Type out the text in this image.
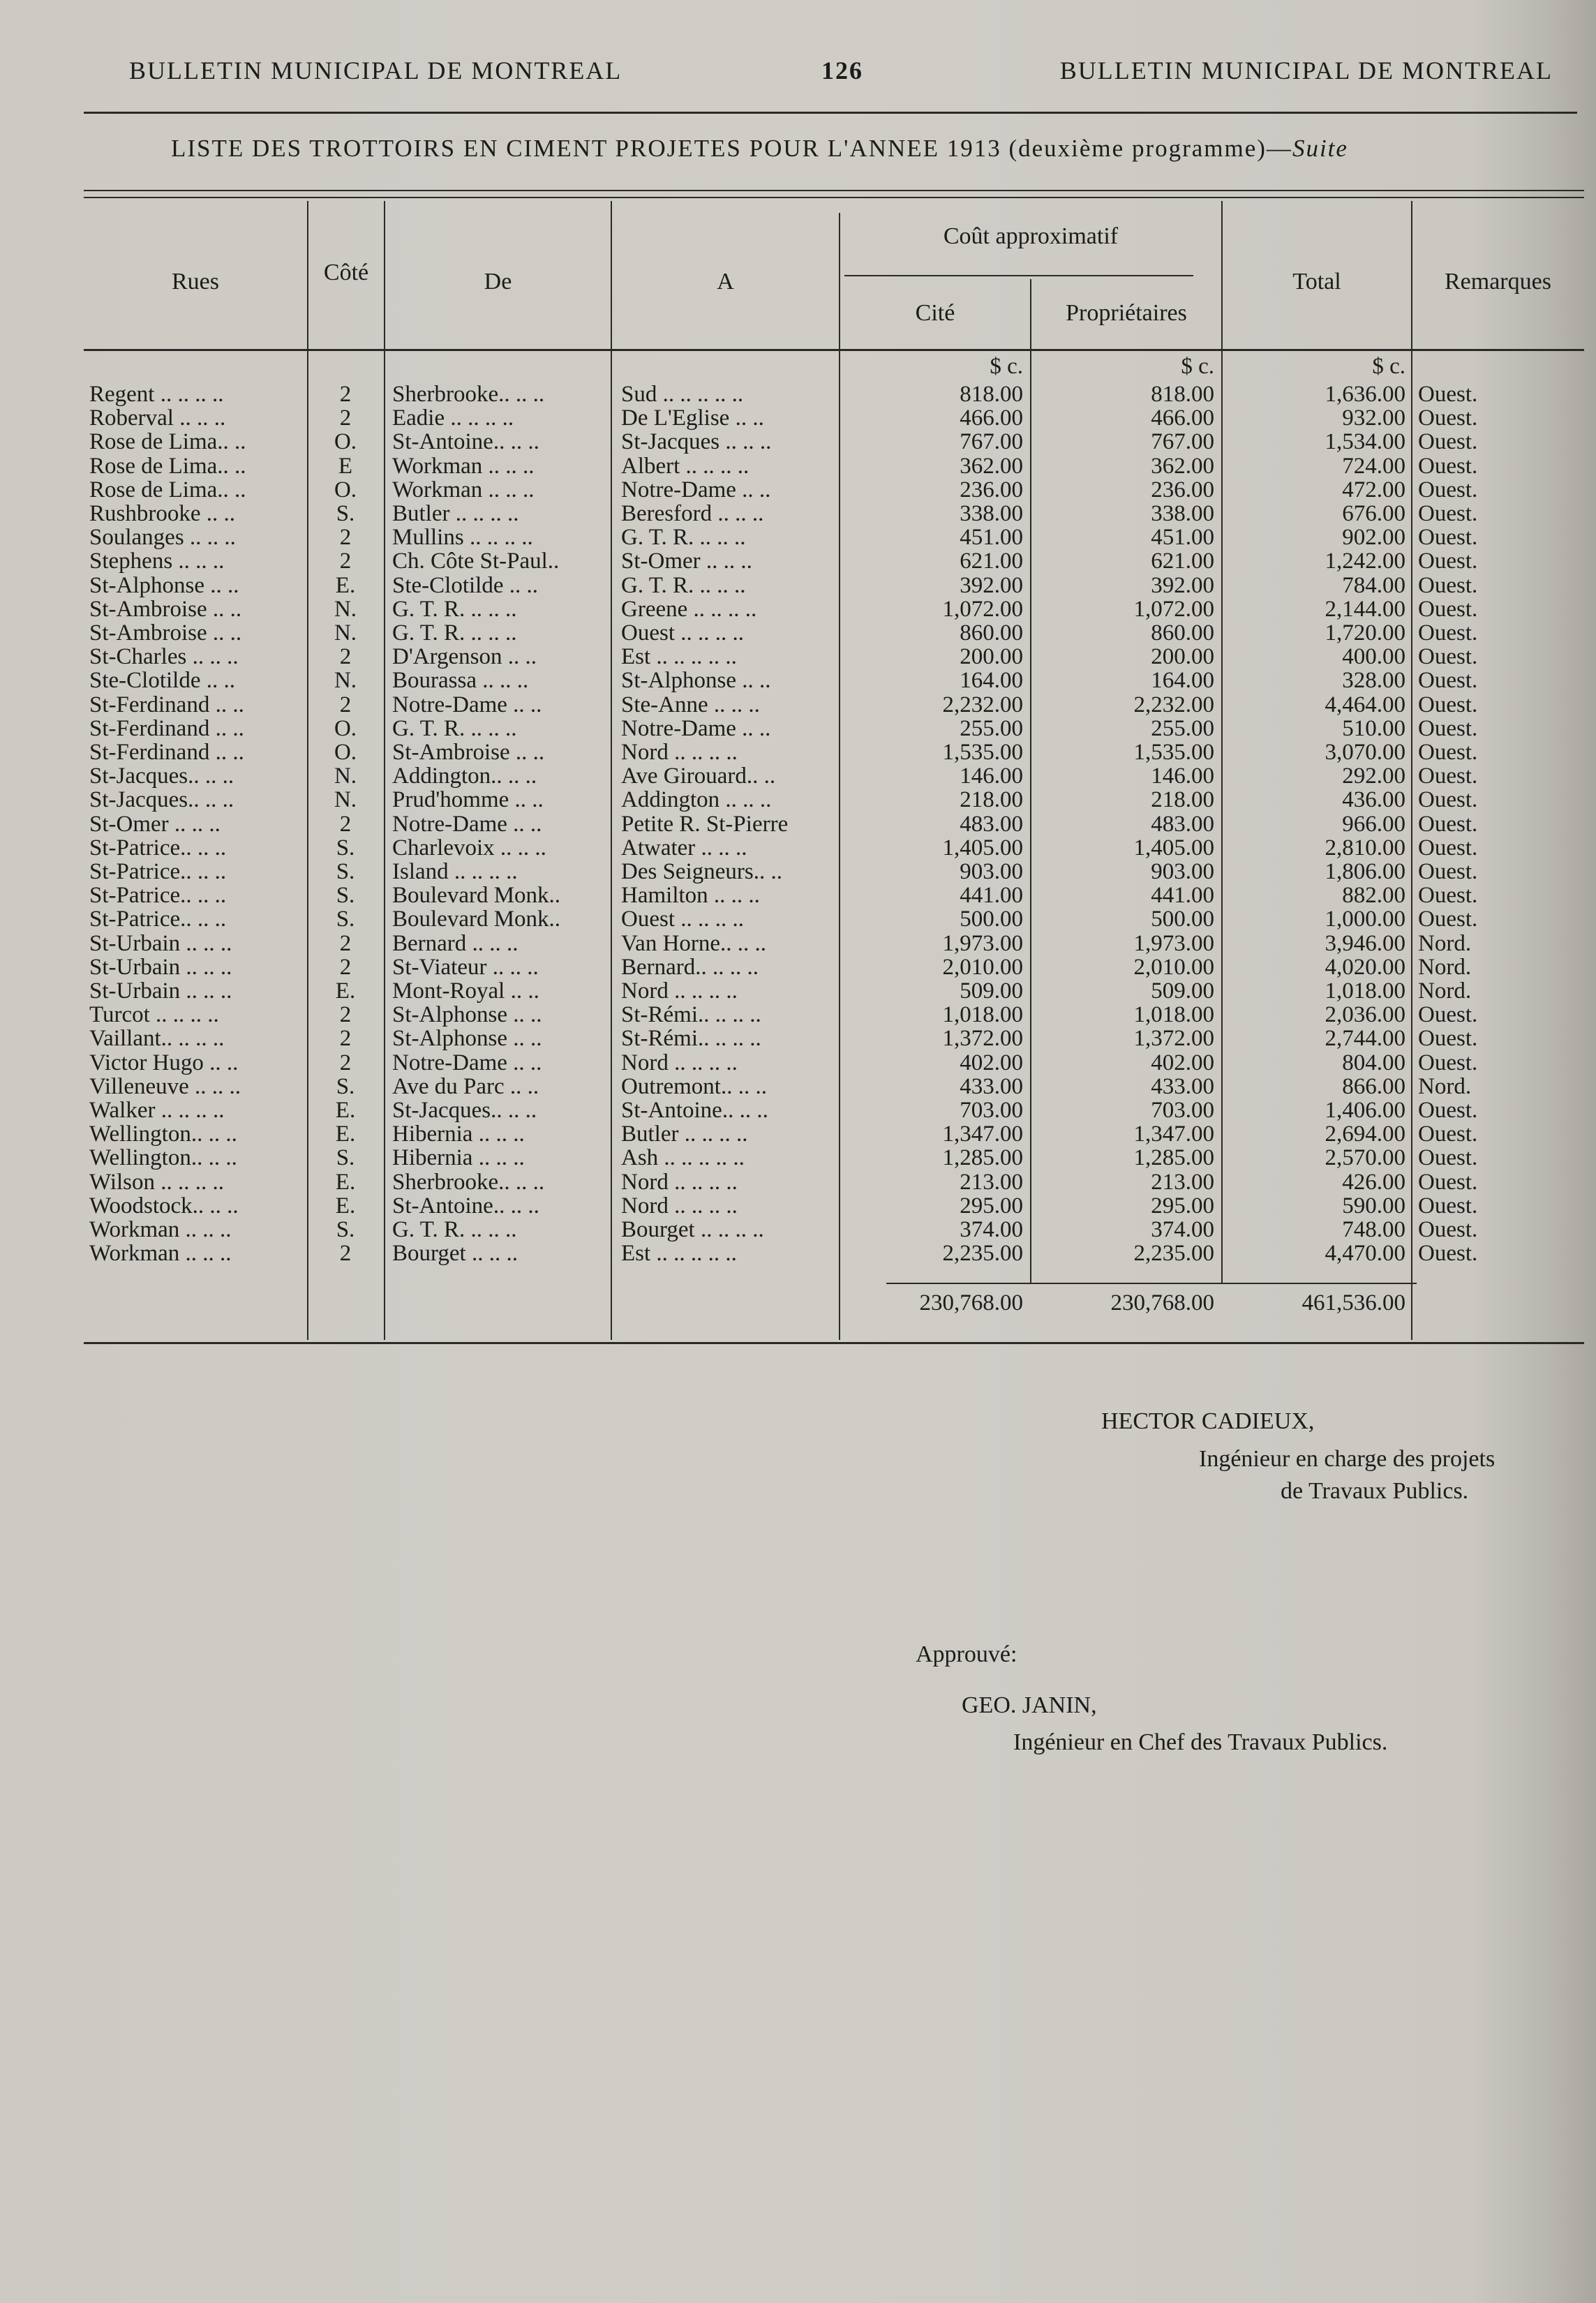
BULLETIN MUNICIPAL DE MONTREAL	126	BULLETIN MUNICIPAL DE MONTREAL
LISTE DES TROTTOIRS EN CIMENT PROJETES POUR L'ANNEE 1913 (deuxième programme)—Suite
Rues	Côté	De	A
Coût approximatif
Cité	Propriétaires
Total	Remarques
$ c.	$ c.	$ c.
Regent .. .. .. ..	2	Sherbrooke.. .. ..	Sud .. .. .. .. ..	818.00	818.00	1,636.00 Ouest.
Roberval .. .. ..	2	Eadie .. .. .. ..	De L'Eglise .. ..	466.00	466.00	932.00 Ouest.
Rose de Lima.. ..	O.	St-Antoine.. .. ..	St-Jacques .. .. ..	767.00	767.00	1,534.00 Ouest.
Rose de Lima.. ..	E	Workman .. .. ..	Albert .. .. .. ..	362.00	362.00	724.00 Ouest.
Rose de Lima.. ..	O.	Workman .. .. ..	Notre-Dame .. ..	236.00	236.00	472.00 Ouest.
Rushbrooke .. ..	S.	Butler .. .. .. ..	Beresford .. .. ..	338.00	338.00	676.00 Ouest.
Soulanges .. .. ..	2	Mullins .. .. .. ..	G. T. R. .. .. ..	451.00	451.00	902.00 Ouest.
Stephens .. .. ..	2	Ch. Côte St-Paul..	St-Omer .. .. ..	621.00	621.00	1,242.00 Ouest.
St-Alphonse .. ..	E.	Ste-Clotilde .. ..	G. T. R. .. .. ..	392.00	392.00	784.00 Ouest.
St-Ambroise .. ..	N.	G. T. R. .. .. ..	Greene .. .. .. ..	1,072.00	1,072.00	2,144.00 Ouest.
St-Ambroise .. ..	N.	G. T. R. .. .. ..	Ouest .. .. .. ..	860.00	860.00	1,720.00 Ouest.
St-Charles .. .. ..	2	D'Argenson .. ..	Est .. .. .. .. ..	200.00	200.00	400.00 Ouest.
Ste-Clotilde .. ..	N.	Bourassa .. .. ..	St-Alphonse .. ..	164.00	164.00	328.00 Ouest.
St-Ferdinand .. ..	2	Notre-Dame .. ..	Ste-Anne .. .. ..	2,232.00	2,232.00	4,464.00 Ouest.
St-Ferdinand .. ..	O.	G. T. R. .. .. ..	Notre-Dame .. ..	255.00	255.00	510.00 Ouest.
St-Ferdinand .. ..	O.	St-Ambroise .. ..	Nord .. .. .. ..	1,535.00	1,535.00	3,070.00 Ouest.
St-Jacques.. .. ..	N.	Addington.. .. ..	Ave Girouard.. ..	146.00	146.00	292.00 Ouest.
St-Jacques.. .. ..	N.	Prud'homme .. ..	Addington .. .. ..	218.00	218.00	436.00 Ouest.
St-Omer .. .. ..	2	Notre-Dame .. ..	Petite R. St-Pierre	483.00	483.00	966.00 Ouest.
St-Patrice.. .. ..	S.	Charlevoix .. .. ..	Atwater .. .. ..	1,405.00	1,405.00	2,810.00 Ouest.
St-Patrice.. .. ..	S.	Island .. .. .. ..	Des Seigneurs.. ..	903.00	903.00	1,806.00 Ouest.
St-Patrice.. .. ..	S.	Boulevard Monk..	Hamilton .. .. ..	441.00	441.00	882.00 Ouest.
St-Patrice.. .. ..	S.	Boulevard Monk..	Ouest .. .. .. ..	500.00	500.00	1,000.00 Ouest.
St-Urbain .. .. ..	2	Bernard .. .. ..	Van Horne.. .. ..	1,973.00	1,973.00	3,946.00 Nord.
St-Urbain .. .. ..	2	St-Viateur .. .. ..	Bernard.. .. .. ..	2,010.00	2,010.00	4,020.00 Nord.
St-Urbain .. .. ..	E.	Mont-Royal .. ..	Nord .. .. .. ..	509.00	509.00	1,018.00 Nord.
Turcot .. .. .. ..	2	St-Alphonse .. ..	St-Rémi.. .. .. ..	1,018.00	1,018.00	2,036.00 Ouest.
Vaillant.. .. .. ..	2	St-Alphonse .. ..	St-Rémi.. .. .. ..	1,372.00	1,372.00	2,744.00 Ouest.
Victor Hugo .. ..	2	Notre-Dame .. ..	Nord .. .. .. ..	402.00	402.00	804.00 Ouest.
Villeneuve .. .. ..	S.	Ave du Parc .. ..	Outremont.. .. ..	433.00	433.00	866.00 Nord.
Walker .. .. .. ..	E.	St-Jacques.. .. ..	St-Antoine.. .. ..	703.00	703.00	1,406.00 Ouest.
Wellington.. .. ..	E.	Hibernia .. .. ..	Butler .. .. .. ..	1,347.00	1,347.00	2,694.00 Ouest.
Wellington.. .. ..	S.	Hibernia .. .. ..	Ash .. .. .. .. ..	1,285.00	1,285.00	2,570.00 Ouest.
Wilson .. .. .. ..	E.	Sherbrooke.. .. ..	Nord .. .. .. ..	213.00	213.00	426.00 Ouest.
Woodstock.. .. ..	E.	St-Antoine.. .. ..	Nord .. .. .. ..	295.00	295.00	590.00 Ouest.
Workman .. .. ..	S.	G. T. R. .. .. ..	Bourget .. .. .. ..	374.00	374.00	748.00 Ouest.
Workman .. .. ..	2	Bourget .. .. ..	Est .. .. .. .. ..	2,235.00	2,235.00	4,470.00 Ouest.
230,768.00	230,768.00	461,536.00
HECTOR CADIEUX,
Ingénieur en charge des projets
de Travaux Publics.
Approuvé:
GEO. JANIN,
Ingénieur en Chef des Travaux Publics.
